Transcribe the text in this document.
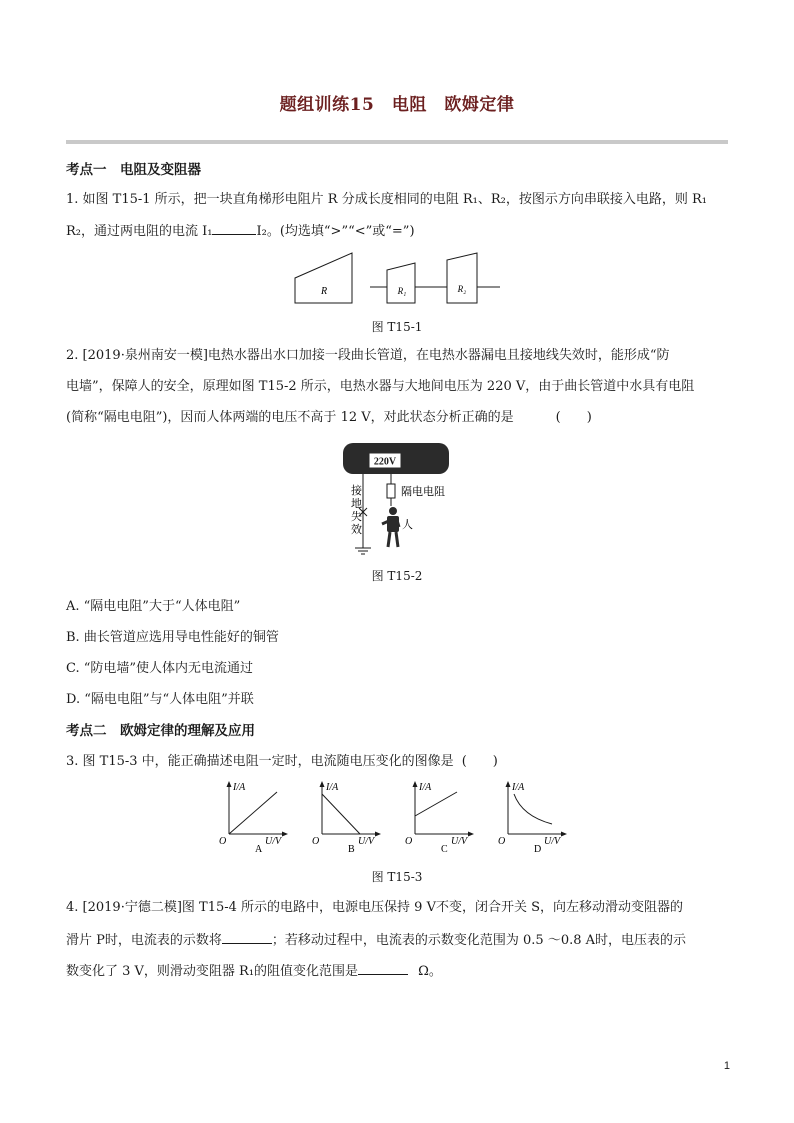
题组训练15　电阻　欧姆定律
考点一　电阻及变阻器
1. 如图 T15-1 所示，把一块直角梯形电阻片 R 分成长度相同的电阻 R₁、R₂，按图示方向串联接入电路，则 R₁
R₂，通过两电阻的电流 I₁	I₂。(均选填“>”“<”或“=”)
R	R₁	R₂
图 T15-1
2. [2019·泉州南安一模]电热水器出水口加接一段曲长管道，在电热水器漏电且接地线失效时，能形成“防
电墙”，保障人的安全，原理如图 T15-2 所示，电热水器与大地间电压为 220 V，由于曲长管道中水具有电阻
(简称“隔电电阻”)，因而人体两端的电压不高于 12 V，对此状态分析正确的是	(　　)
220V
接
地
失
效
隔电电阻
人
图 T15-2
A. “隔电电阻”大于“人体电阻”
B. 曲长管道应选用导电性能好的铜管
C. “防电墙”使人体内无电流通过
D. “隔电电阻”与“人体电阻”并联
考点二　欧姆定律的理解及应用
3. 图 T15-3 中，能正确描述电阻一定时，电流随电压变化的图像是 (　　)
I/A
U/V
O
A
I/A
U/V
O
B
I/A
U/V
O
C
I/A
U/V
O
D
图 T15-3
4. [2019·宁德二模]图 T15-4 所示的电路中，电源电压保持 9 V不变，闭合开关 S，向左移动滑动变阻器的
滑片 P时，电流表的示数将	；若移动过程中，电流表的示数变化范围为 0.5 ～0.8 A时，电压表的示
数变化了 3 V，则滑动变阻器 R₁的阻值变化范围是	Ω。
1
